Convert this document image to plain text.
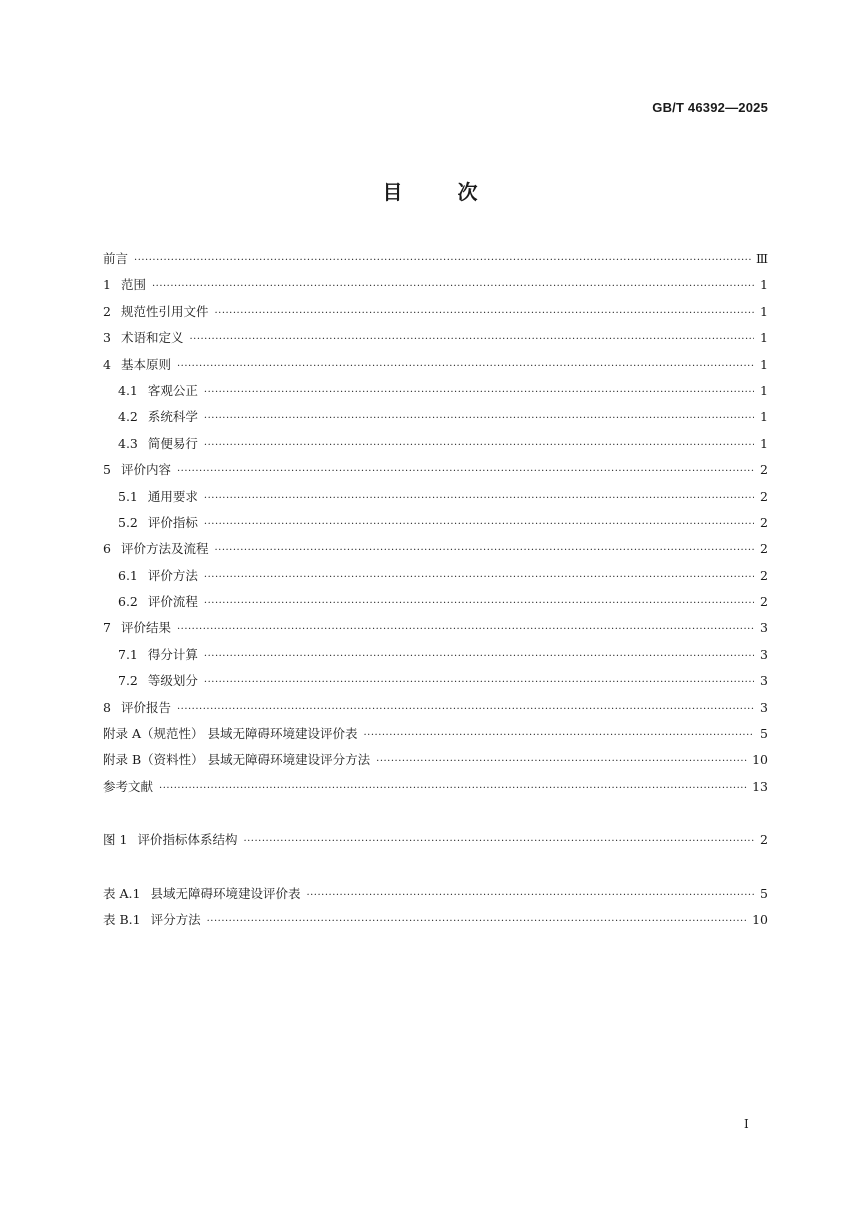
GB/T 46392—2025
目 次
前言 ·····	Ⅲ
1 范围 ·····	1
2 规范性引用文件 ·····	1
3 术语和定义 ·····	1
4 基本原则 ·····	1
4.1 客观公正 ·····	1
4.2 系统科学 ·····	1
4.3 简便易行 ·····	1
5 评价内容 ·····	2
5.1 通用要求 ·····	2
5.2 评价指标 ·····	2
6 评价方法及流程 ·····	2
6.1 评价方法 ·····	2
6.2 评价流程 ·····	2
7 评价结果 ·····	3
7.1 得分计算 ·····	3
7.2 等级划分 ·····	3
8 评价报告 ·····	3
附录 A（规范性） 县域无障碍环境建设评价表 ·····	5
附录 B（资料性） 县域无障碍环境建设评分方法 ·····	10
参考文献 ·····	13
图 1 评价指标体系结构 ·····	2
表 A.1 县域无障碍环境建设评价表 ·····	5
表 B.1 评分方法 ·····	10
I
